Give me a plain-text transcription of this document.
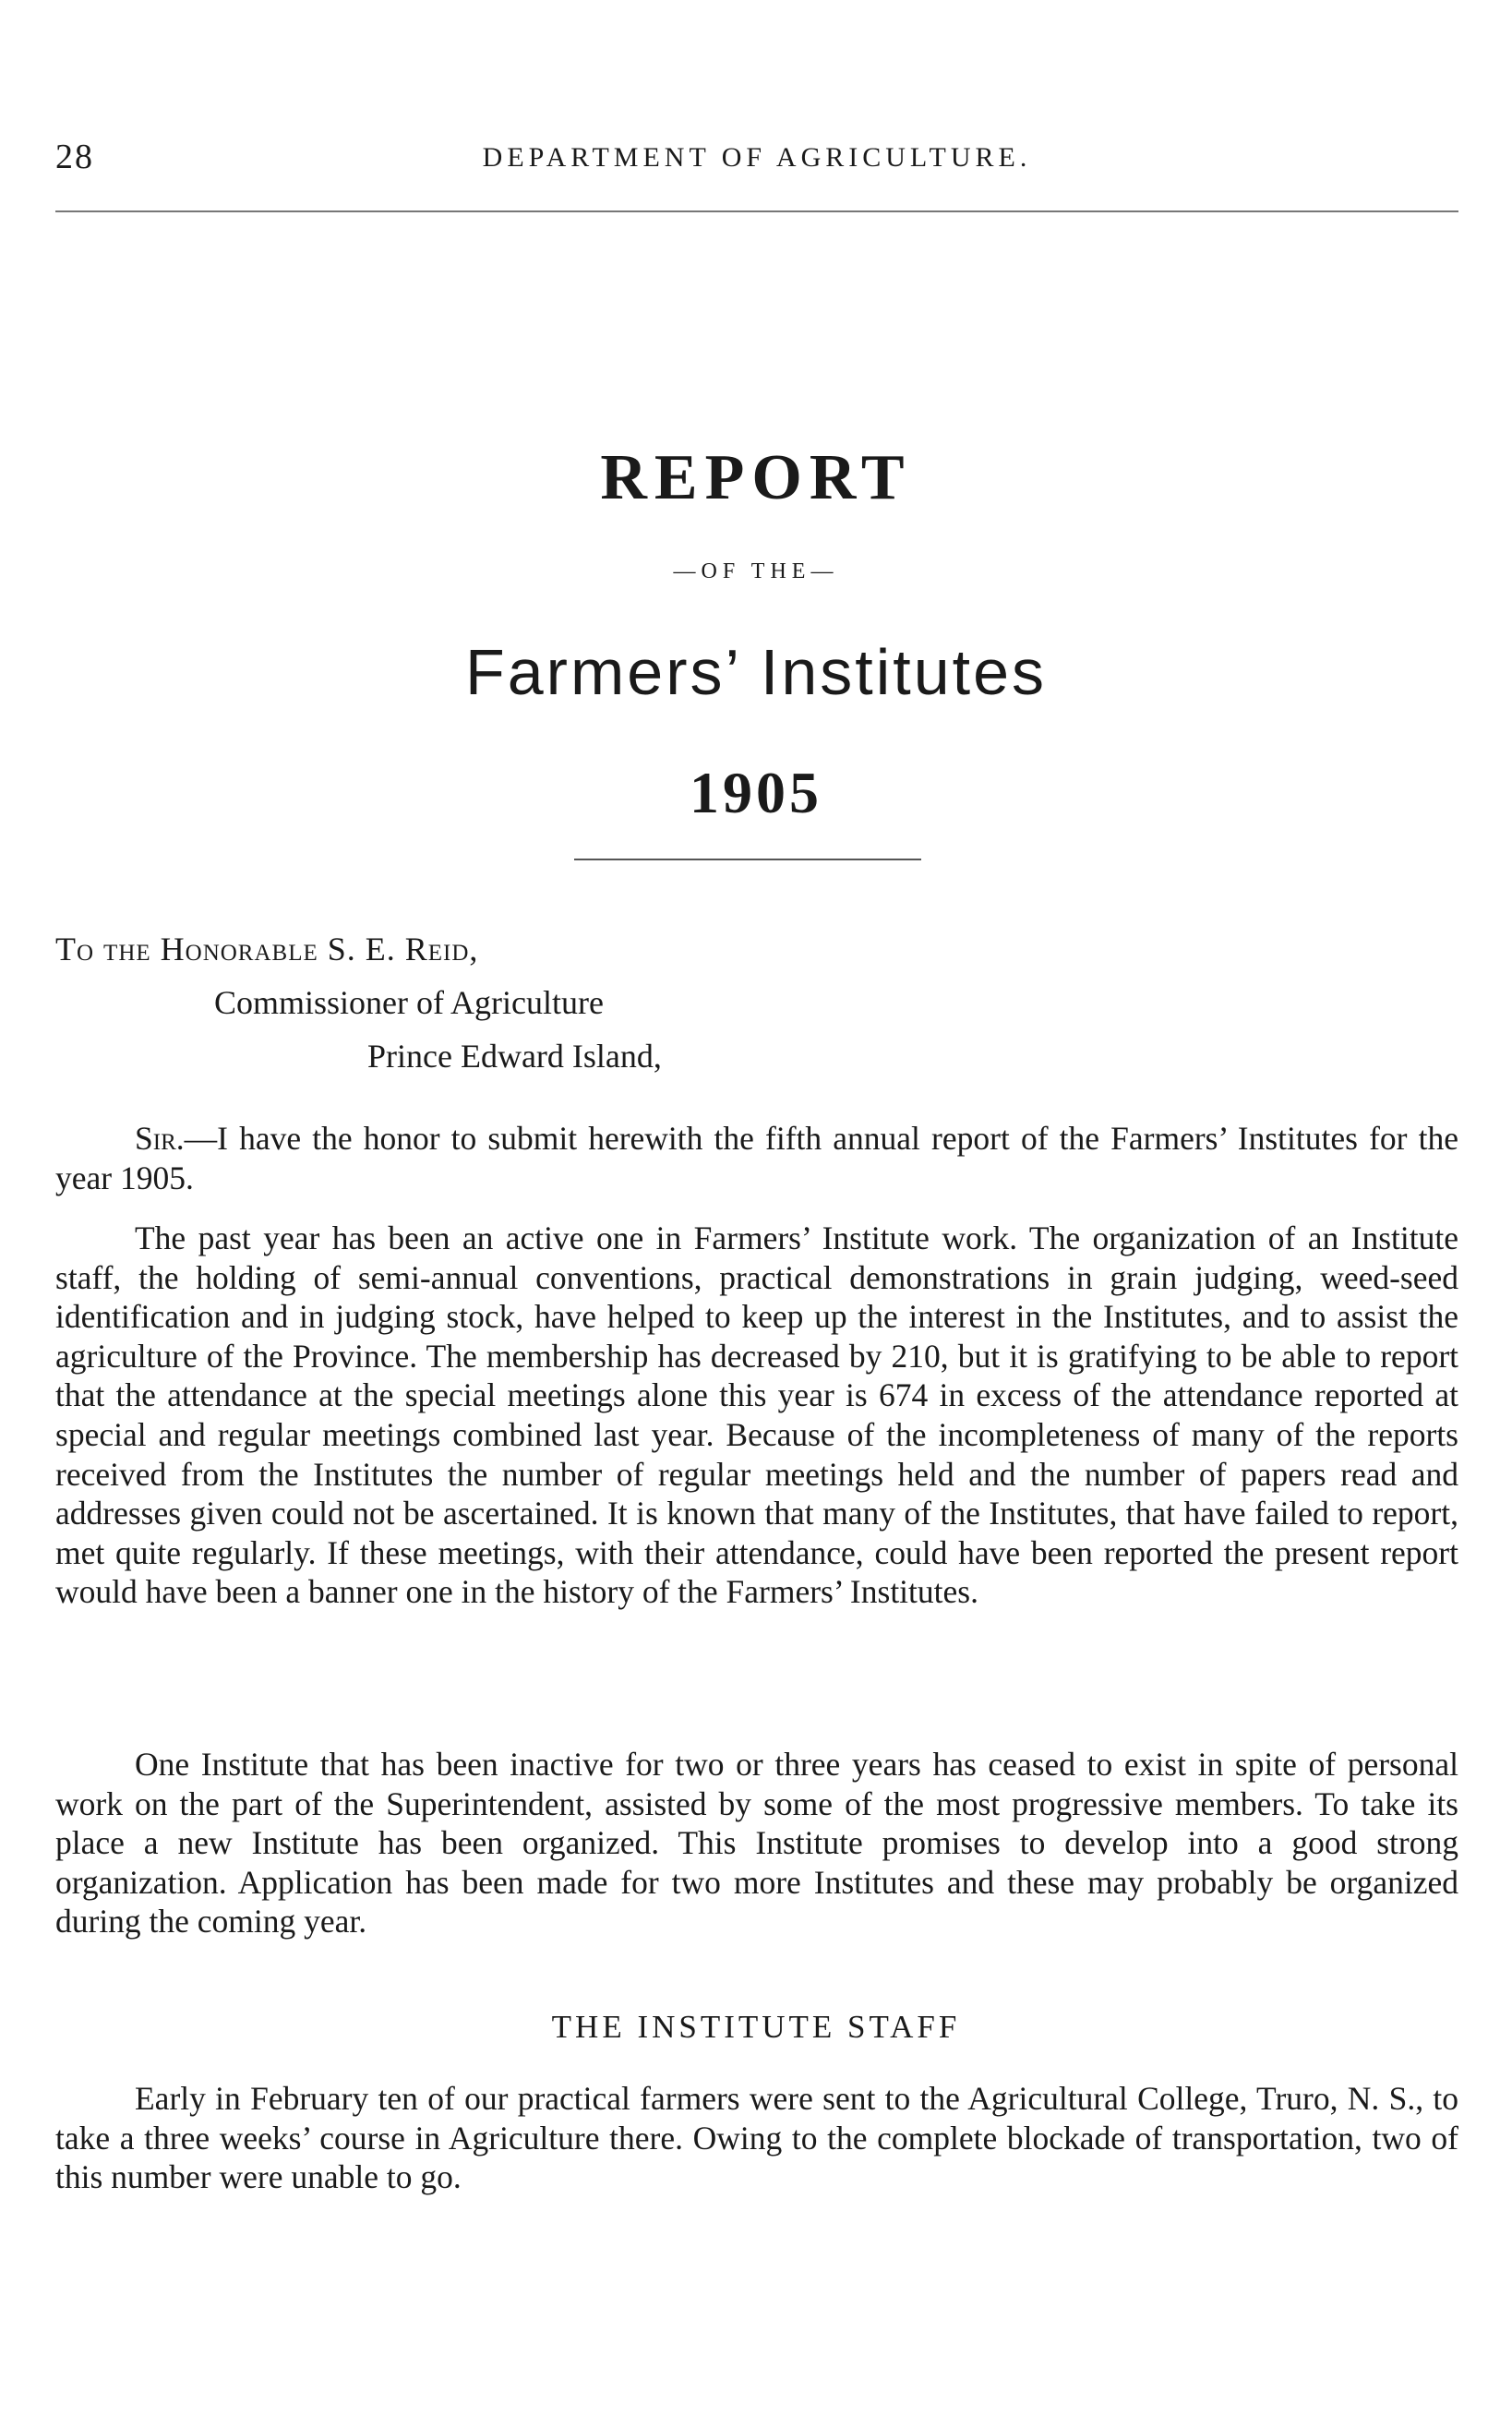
28	DEPARTMENT OF AGRICULTURE.
REPORT
—OF THE—
Farmers’ Institutes
1905
To the Honorable S. E. Reid,
Commissioner of Agriculture
Prince Edward Island,

Sir.—I have the honor to submit herewith the fifth annual report of the Farmers’ Institutes for the year 1905.

The past year has been an active one in Farmers’ Institute work. The organization of an Institute staff, the holding of semi-annual conventions, practical demonstrations in grain judging, weed-seed identification and in judging stock, have helped to keep up the interest in the Institutes, and to assist the agriculture of the Province. The membership has decreased by 210, but it is gratifying to be able to report that the attendance at the special meetings alone this year is 674 in excess of the attendance reported at special and regular meetings combined last year. Because of the incompleteness of many of the reports received from the Institutes the number of regular meetings held and the number of papers read and addresses given could not be ascertained. It is known that many of the Institutes, that have failed to report, met quite regularly. If these meetings, with their attendance, could have been reported the present report would have been a banner one in the history of the Farmers’ Institutes.

One Institute that has been inactive for two or three years has ceased to exist in spite of personal work on the part of the Superintendent, assisted by some of the most progressive members. To take its place a new Institute has been organized. This Institute promises to develop into a good strong organization. Application has been made for two more Institutes and these may probably be organized during the coming year.

THE INSTITUTE STAFF

Early in February ten of our practical farmers were sent to the Agricultural College, Truro, N. S., to take a three weeks’ course in Agriculture there. Owing to the complete blockade of transportation, two of this number were unable to go.
